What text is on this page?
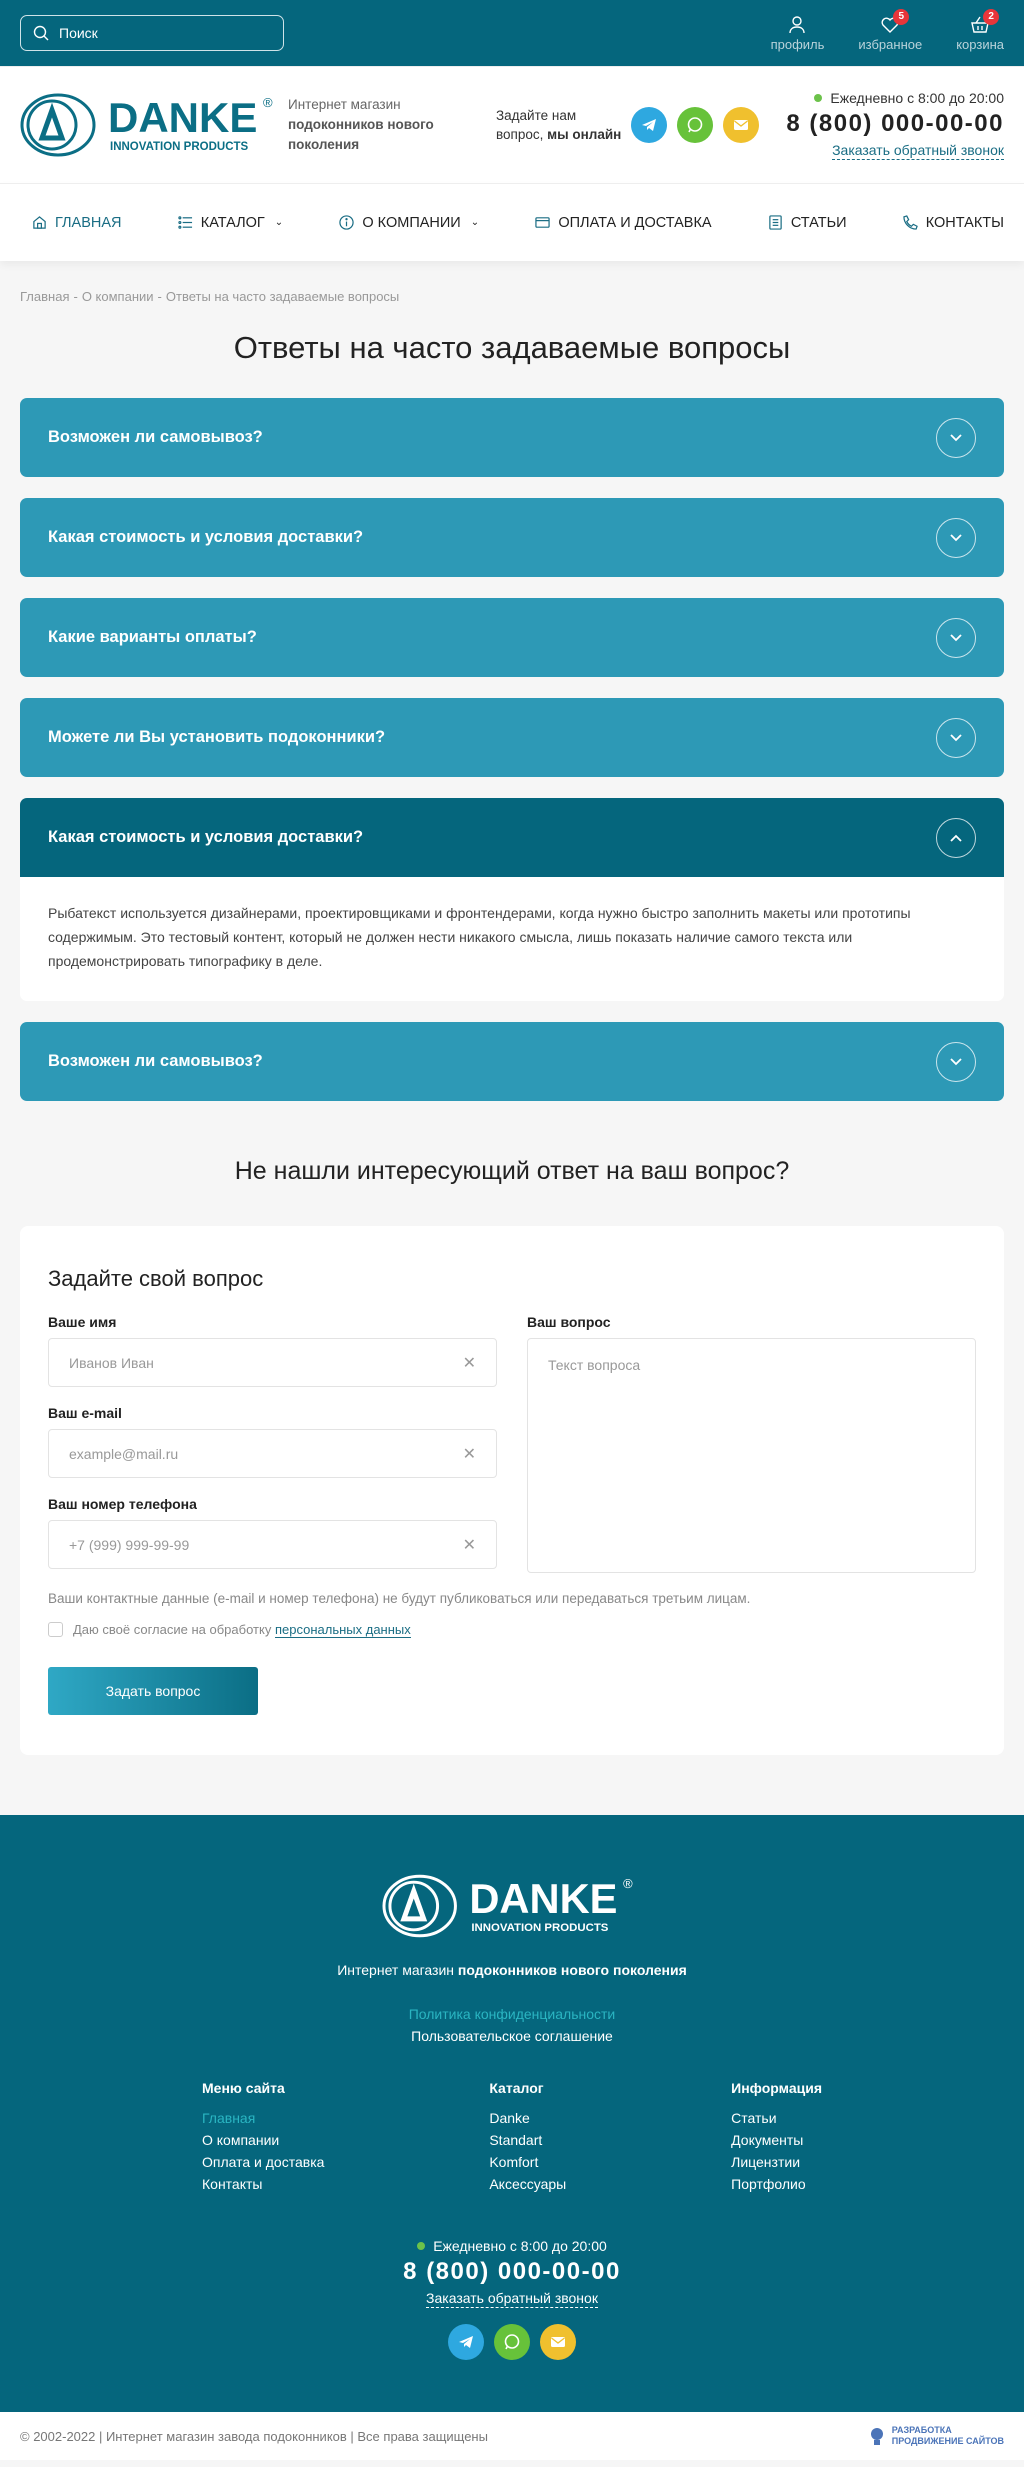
Поиск
профиль
5
избранное
2
корзина
DANKE ®
INNOVATION PRODUCTS
Интернет магазин
подоконников нового поколения
Задайте нам
вопрос, мы онлайн
Ежедневно с 8:00 до 20:00
8 (800) 000-00-00
Заказать обратный звонок
ГЛАВНАЯ	КАТАЛОГ ⌄	О КОМПАНИИ ⌄	ОПЛАТА И ДОСТАВКА	СТАТЬИ	КОНТАКТЫ
Главная - О компании - Ответы на часто задаваемые вопросы
Ответы на часто задаваемые вопросы
Возможен ли самовывоз?
Какая стоимость и условия доставки?
Какие варианты оплаты?
Можете ли Вы установить подоконники?
Какая стоимость и условия доставки?
Рыбатекст используется дизайнерами, проектировщиками и фронтендерами, когда нужно быстро заполнить макеты или прототипы содержимым. Это тестовый контент, который не должен нести никакого смысла, лишь показать наличие самого текста или продемонстрировать типографику в деле.
Возможен ли самовывоз?
Не нашли интересующий ответ на ваш вопрос?
Задайте свой вопрос
Ваше имя
Иванов Иван
✕
Ваш e-mail
example@mail.ru
✕
Ваш номер телефона
+7 (999) 999-99-99
✕
Ваш вопрос
Текст вопроса
Ваши контактные данные (e-mail и номер телефона) не будут публиковаться или передаваться третьим лицам.
Даю своё согласие на обработку персональных данных
Задать вопрос
DANKE ®
INNOVATION PRODUCTS
Интернет магазин подоконников нового поколения
Политика конфиденциальности
Пользовательское соглашение
Меню сайта
Главная
О компании
Оплата и доставка
Контакты
Каталог
Danke
Standart
Komfort
Аксессуары
Информация
Статьи
Документы
Лицензтии
Портфолио
Ежедневно с 8:00 до 20:00
8 (800) 000-00-00
Заказать обратный звонок
© 2002-2022 | Интернет магазин завода подоконников | Все права защищены	РАЗРАБОТКА
ПРОДВИЖЕНИЕ САЙТОВ
